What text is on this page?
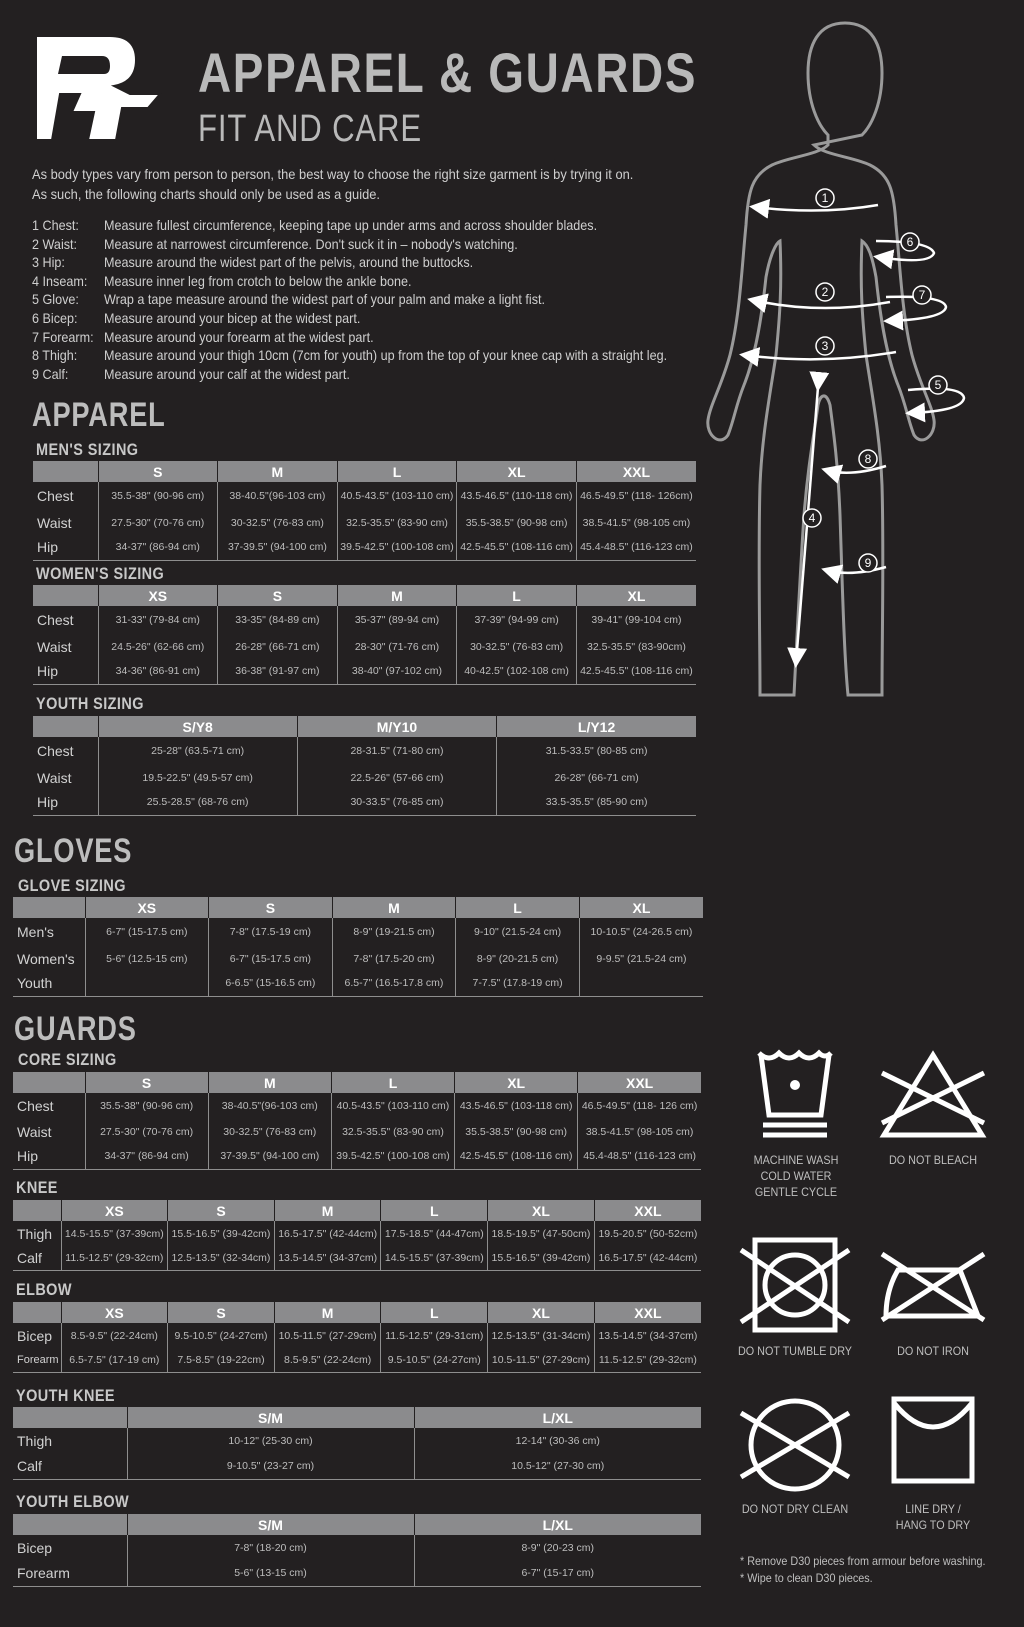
APPAREL & GUARDS
FIT AND CARE
As body types vary from person to person, the best way to choose the right size garment is by trying it on.
As such, the following charts should only be used as a guide.
1 Chest:	Measure fullest circumference, keeping tape up under arms and across shoulder blades.
2 Waist:	Measure at narrowest circumference. Don't suck it in – nobody's watching.
3 Hip:	Measure around the widest part of the pelvis, around the buttocks.
4 Inseam:	Measure inner leg from crotch to below the ankle bone.
5 Glove:	Wrap a tape measure around the widest part of your palm and make a light fist.
6 Bicep:	Measure around your bicep at the widest part.
7 Forearm: Measure around your forearm at the widest part.
8 Thigh:	Measure around your thigh 10cm (7cm for youth) up from the top of your knee cap with a straight leg.
9 Calf:	Measure around your calf at the widest part.
APPAREL
MEN'S SIZING
WOMEN'S SIZING
YOUTH SIZING
GLOVES
GLOVE SIZING
GUARDS
CORE SIZING
KNEE
ELBOW
YOUTH KNEE
YOUTH ELBOW
	S	M	L	XL	XXL
Chest	35.5-38" (90-96 cm)	38-40.5"(96-103 cm)	40.5-43.5" (103-110 cm)	43.5-46.5" (110-118 cm)	46.5-49.5" (118- 126cm)
Waist	27.5-30" (70-76 cm)	30-32.5" (76-83 cm)	32.5-35.5" (83-90 cm)	35.5-38.5" (90-98 cm)	38.5-41.5" (98-105 cm)
Hip	34-37" (86-94 cm)	37-39.5" (94-100 cm)	39.5-42.5" (100-108 cm)	42.5-45.5" (108-116 cm)	45.4-48.5" (116-123 cm)
	XS	S	M	L	XL
Chest	31-33" (79-84 cm)	33-35" (84-89 cm)	35-37" (89-94 cm)	37-39" (94-99 cm)	39-41" (99-104 cm)
Waist	24.5-26" (62-66 cm)	26-28" (66-71 cm)	28-30" (71-76 cm)	30-32.5" (76-83 cm)	32.5-35.5" (83-90cm)
Hip	34-36" (86-91 cm)	36-38" (91-97 cm)	38-40" (97-102 cm)	40-42.5" (102-108 cm)	42.5-45.5" (108-116 cm)
	S/Y8	M/Y10	L/Y12
Chest	25-28" (63.5-71 cm)	28-31.5" (71-80 cm)	31.5-33.5" (80-85 cm)
Waist	19.5-22.5" (49.5-57 cm)	22.5-26" (57-66 cm)	26-28" (66-71 cm)
Hip	25.5-28.5" (68-76 cm)	30-33.5" (76-85 cm)	33.5-35.5" (85-90 cm)
	XS	S	M	L	XL
Men's	6-7" (15-17.5 cm)	7-8" (17.5-19 cm)	8-9" (19-21.5 cm)	9-10" (21.5-24 cm)	10-10.5" (24-26.5 cm)
Women's	5-6" (12.5-15 cm)	6-7" (15-17.5 cm)	7-8" (17.5-20 cm)	8-9" (20-21.5 cm)	9-9.5" (21.5-24 cm)
Youth		6-6.5" (15-16.5 cm)	6.5-7" (16.5-17.8 cm)	7-7.5" (17.8-19 cm)	
	S	M	L	XL	XXL
Chest	35.5-38" (90-96 cm)	38-40.5"(96-103 cm)	40.5-43.5" (103-110 cm)	43.5-46.5" (103-118 cm)	46.5-49.5" (118- 126 cm)
Waist	27.5-30" (70-76 cm)	30-32.5" (76-83 cm)	32.5-35.5" (83-90 cm)	35.5-38.5" (90-98 cm)	38.5-41.5" (98-105 cm)
Hip	34-37" (86-94 cm)	37-39.5" (94-100 cm)	39.5-42.5" (100-108 cm)	42.5-45.5" (108-116 cm)	45.4-48.5" (116-123 cm)
	XS	S	M	L	XL	XXL
Thigh	14.5-15.5" (37-39cm)	15.5-16.5" (39-42cm)	16.5-17.5" (42-44cm)	17.5-18.5" (44-47cm)	18.5-19.5" (47-50cm)	19.5-20.5" (50-52cm)
Calf	11.5-12.5" (29-32cm)	12.5-13.5" (32-34cm)	13.5-14.5" (34-37cm)	14.5-15.5" (37-39cm)	15.5-16.5" (39-42cm)	16.5-17.5" (42-44cm)
	XS	S	M	L	XL	XXL
Bicep	8.5-9.5" (22-24cm)	9.5-10.5" (24-27cm)	10.5-11.5" (27-29cm)	11.5-12.5" (29-31cm)	12.5-13.5" (31-34cm)	13.5-14.5" (34-37cm)
Forearm	6.5-7.5" (17-19 cm)	7.5-8.5" (19-22cm)	8.5-9.5" (22-24cm)	9.5-10.5" (24-27cm)	10.5-11.5" (27-29cm)	11.5-12.5" (29-32cm)
	S/M	L/XL
Thigh	10-12" (25-30 cm)	12-14" (30-36 cm)
Calf	9-10.5" (23-27 cm)	10.5-12" (27-30 cm)
	S/M	L/XL
Bicep	7-8" (18-20 cm)	8-9" (20-23 cm)
Forearm	5-6" (13-15 cm)	6-7" (15-17 cm)
1
2
3
4
5
6
7
8
9
MACHINE WASH
COLD WATER
GENTLE CYCLE
DO NOT BLEACH
DO NOT TUMBLE DRY	DO NOT IRON
DO NOT DRY CLEAN	LINE DRY /
HANG TO DRY
* Remove D30 pieces from armour before washing.
* Wipe to clean D30 pieces.
